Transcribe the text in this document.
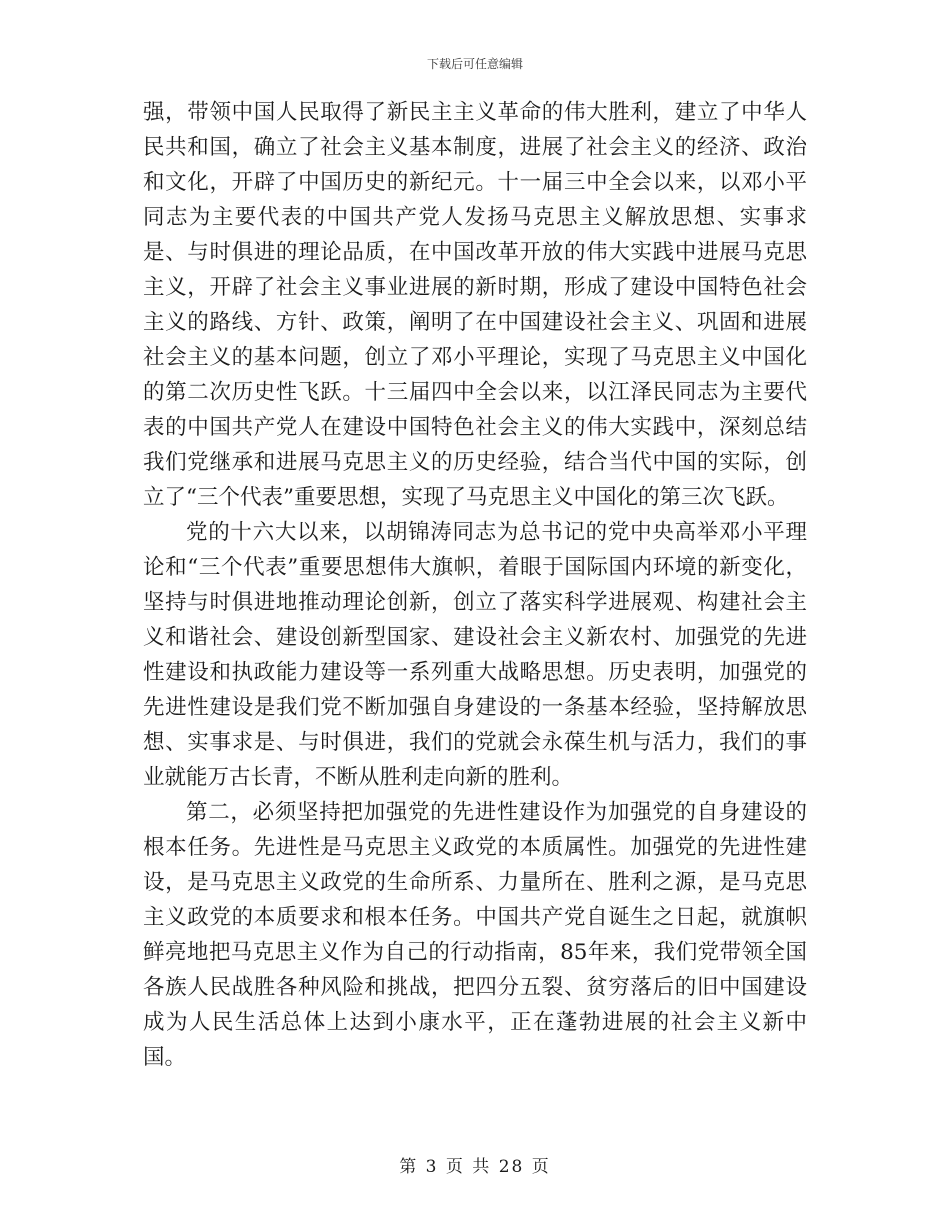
下载后可任意编辑

强，带领中国人民取得了新民主主义革命的伟大胜利，建立了中华人民共和国，确立了社会主义基本制度，进展了社会主义的经济、政治和文化，开辟了中国历史的新纪元。十一届三中全会以来，以邓小平同志为主要代表的中国共产党人发扬马克思主义解放思想、实事求是、与时俱进的理论品质，在中国改革开放的伟大实践中进展马克思主义，开辟了社会主义事业进展的新时期，形成了建设中国特色社会主义的路线、方针、政策，阐明了在中国建设社会主义、巩固和进展社会主义的基本问题，创立了邓小平理论，实现了马克思主义中国化的第二次历史性飞跃。十三届四中全会以来，以江泽民同志为主要代表的中国共产党人在建设中国特色社会主义的伟大实践中，深刻总结我们党继承和进展马克思主义的历史经验，结合当代中国的实际，创立了“三个代表”重要思想，实现了马克思主义中国化的第三次飞跃。

党的十六大以来，以胡锦涛同志为总书记的党中央高举邓小平理论和“三个代表”重要思想伟大旗帜，着眼于国际国内环境的新变化，坚持与时俱进地推动理论创新，创立了落实科学进展观、构建社会主义和谐社会、建设创新型国家、建设社会主义新农村、加强党的先进性建设和执政能力建设等一系列重大战略思想。历史表明，加强党的先进性建设是我们党不断加强自身建设的一条基本经验，坚持解放思想、实事求是、与时俱进，我们的党就会永葆生机与活力，我们的事业就能万古长青，不断从胜利走向新的胜利。

第二，必须坚持把加强党的先进性建设作为加强党的自身建设的根本任务。先进性是马克思主义政党的本质属性。加强党的先进性建设，是马克思主义政党的生命所系、力量所在、胜利之源，是马克思主义政党的本质要求和根本任务。中国共产党自诞生之日起，就旗帜鲜亮地把马克思主义作为自己的行动指南，85年来，我们党带领全国各族人民战胜各种风险和挑战，把四分五裂、贫穷落后的旧中国建设成为人民生活总体上达到小康水平，正在蓬勃进展的社会主义新中国。

第 3 页 共 28 页
